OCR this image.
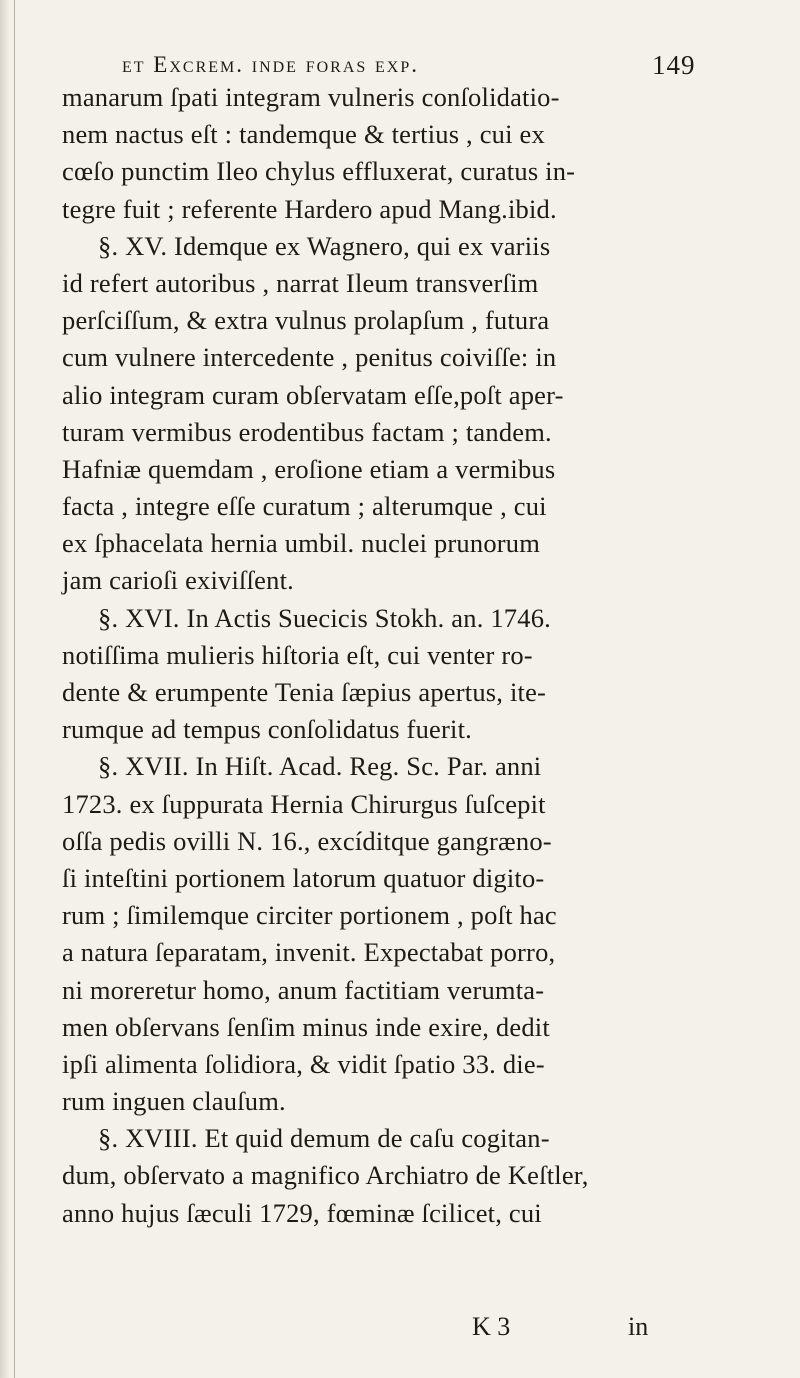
et Excrem. inde foras exp.	149
manarum ſpati integram vulneris conſolidatio-
nem nactus eſt : tandemque & tertius , cui ex
cœſo punctim Ileo chylus effluxerat, curatus in-
tegre fuit ; referente Hardero apud Mang.ibid.
§. XV. Idemque ex Wagnero, qui ex variis
id refert autoribus , narrat Ileum transverſim
perſciſſum, & extra vulnus prolapſum , futura
cum vulnere intercedente , penitus coiviſſe: in
alio integram curam obſervatam eſſe,poſt aper-
turam vermibus erodentibus factam ; tandem.
Hafniæ quemdam , eroſione etiam a vermibus
facta , integre eſſe curatum ; alterumque , cui
ex ſphacelata hernia umbil. nuclei prunorum
jam carioſi exiviſſent.
§. XVI. In Actis Suecicis Stokh. an. 1746.
notiſſima mulieris hiſtoria eſt, cui venter ro-
dente & erumpente Tenia ſæpius apertus, ite-
rumque ad tempus conſolidatus fuerit.
§. XVII. In Hiſt. Acad. Reg. Sc. Par. anni
1723. ex ſuppurata Hernia Chirurgus ſuſcepit
oſſa pedis ovilli N. 16., excíditque gangræno-
ſi inteſtini portionem latorum quatuor digito-
rum ; ſimilemque circiter portionem , poſt hac
a natura ſeparatam, invenit. Expectabat porro,
ni moreretur homo, anum factitiam verumta-
men obſervans ſenſim minus inde exire, dedit
ipſi alimenta ſolidiora, & vidit ſpatio 33. die-
rum inguen clauſum.
§. XVIII. Et quid demum de caſu cogitan-
dum, obſervato a magnifico Archiatro de Keſtler,
anno hujus ſæculi 1729, fœminæ ſcilicet, cui
K 3	in
